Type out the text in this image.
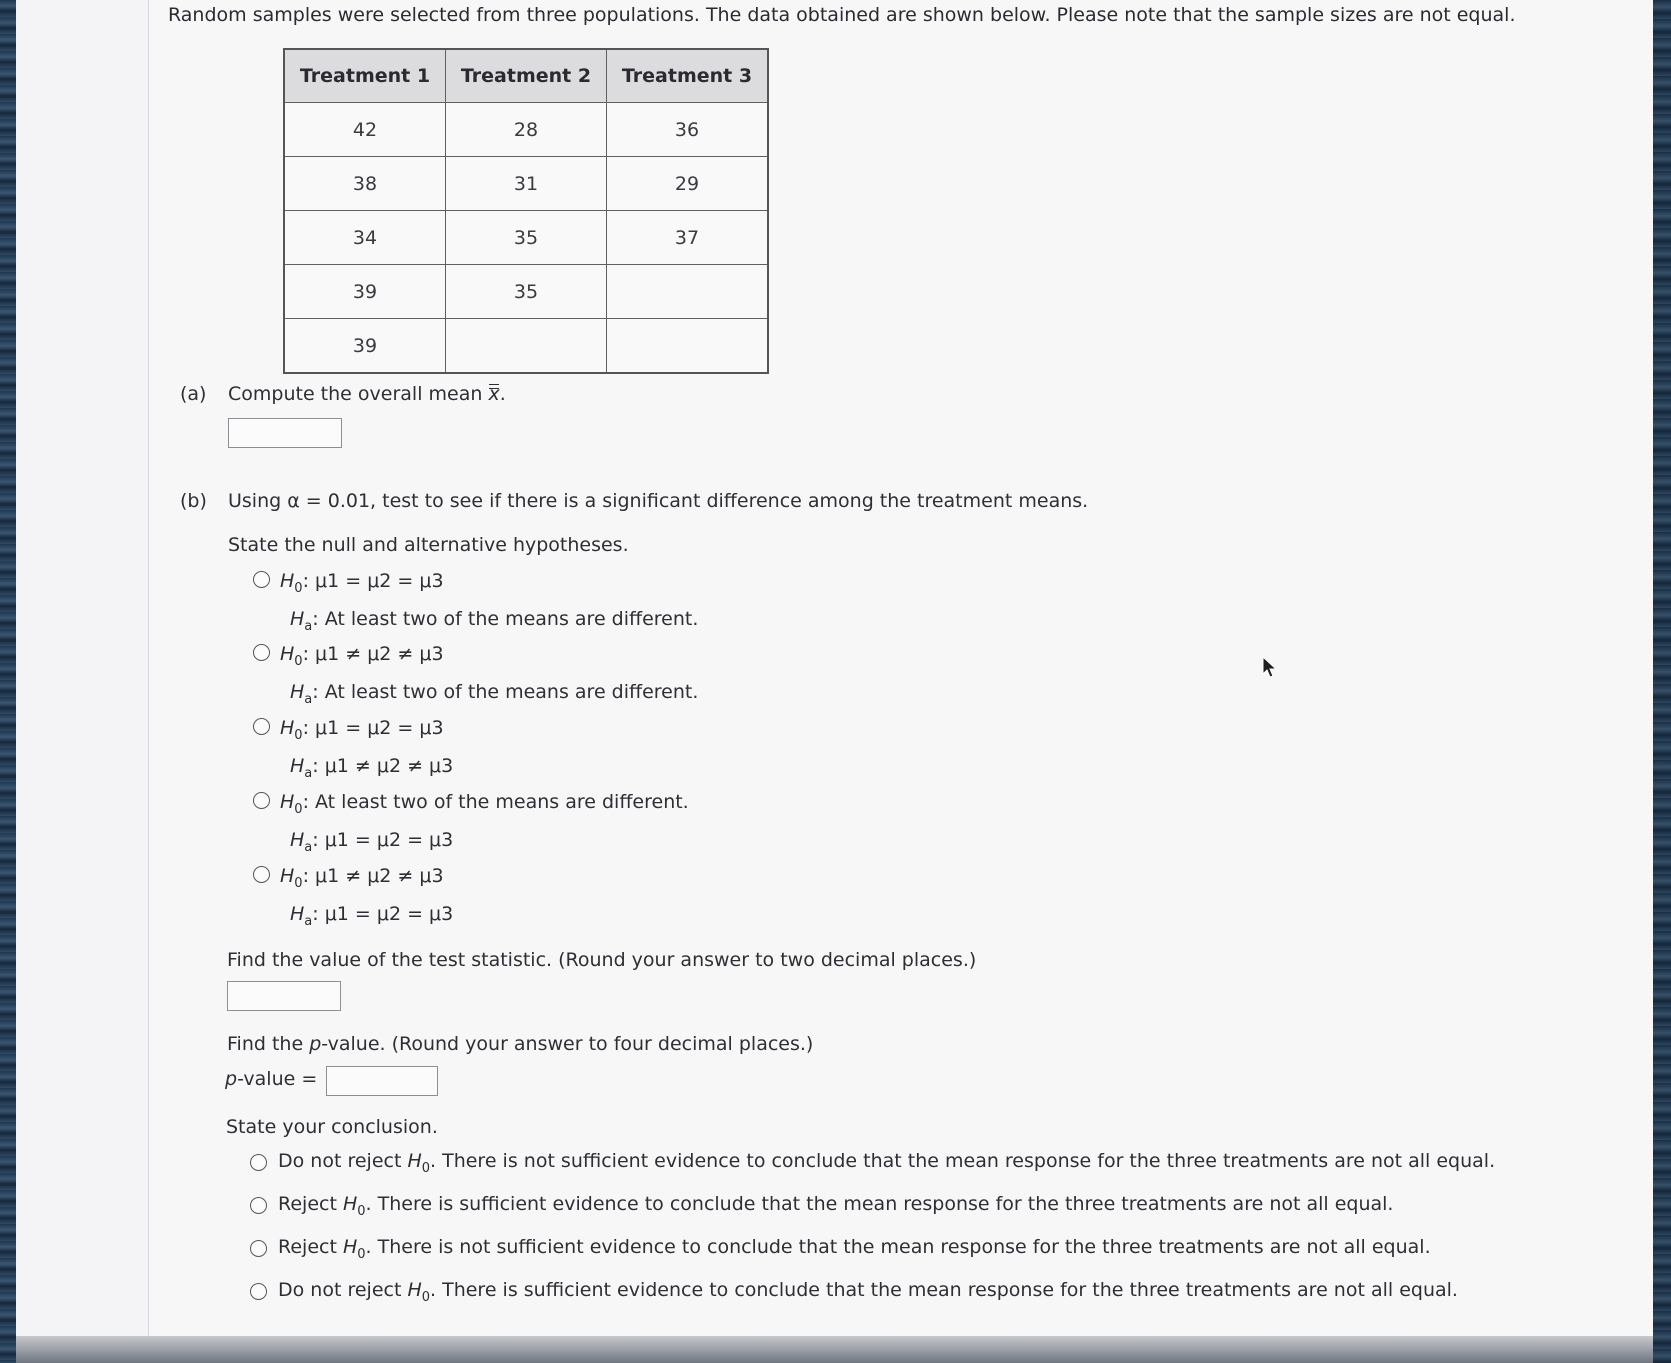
Random samples were selected from three populations. The data obtained are shown below. Please note that the sample sizes are not equal.
Treatment 1	Treatment 2	Treatment 3
42	28	36
38	31	29
34	35	37
39	35	
39		
(a) Compute the overall mean x.
(b) Using α = 0.01, test to see if there is a significant difference among the treatment means.
State the null and alternative hypotheses.
$H_0$: μ1 = μ2 = μ3
$H_a$: At least two of the means are different.
$H_0$: μ1 ≠ μ2 ≠ μ3
$H_a$: At least two of the means are different.
$H_0$: μ1 = μ2 = μ3
$H_a$: μ1 ≠ μ2 ≠ μ3
$H_0$: At least two of the means are different.
$H_a$: μ1 = μ2 = μ3
$H_0$: μ1 ≠ μ2 ≠ μ3
$H_a$: μ1 = μ2 = μ3
Find the value of the test statistic. (Round your answer to two decimal places.)
Find the p-value. (Round your answer to four decimal places.)
p-value =
State your conclusion.
Do not reject $H_0$. There is not sufficient evidence to conclude that the mean response for the three treatments are not all equal.
Reject $H_0$. There is sufficient evidence to conclude that the mean response for the three treatments are not all equal.
Reject $H_0$. There is not sufficient evidence to conclude that the mean response for the three treatments are not all equal.
Do not reject $H_0$. There is sufficient evidence to conclude that the mean response for the three treatments are not all equal.
